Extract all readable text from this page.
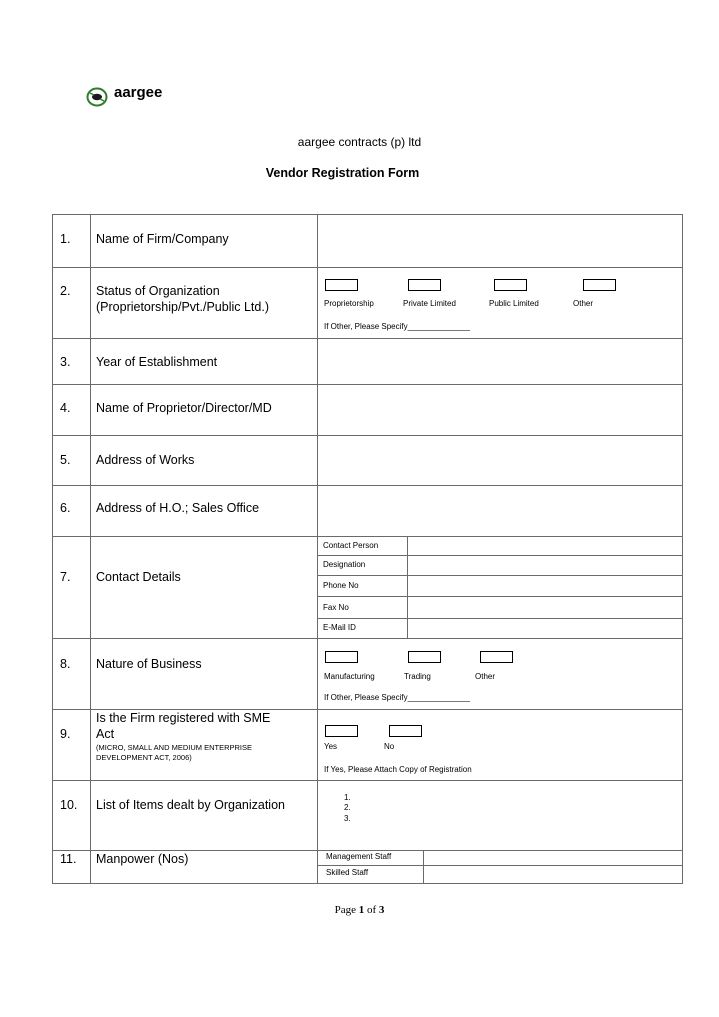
aargee
aargee contracts (p) ltd
Vendor Registration Form
1. Name of Firm/Company
2. Status of Organization
(Proprietorship/Pvt./Public Ltd.)	Proprietorship	Private Limited	Public Limited	Other
If Other, Please Specify______________
3. Year of Establishment
4. Name of Proprietor/Director/MD
5. Address of Works
6. Address of H.O.; Sales Office
7. Contact Details
Contact Person
Designation
Phone No
Fax No
E-Mail ID
8. Nature of Business
Manufacturing	Trading	Other
If Other, Please Specify______________
9.
Is the Firm registered with SME
Act
(MICRO, SMALL AND MEDIUM ENTERPRISE
DEVELOPMENT ACT, 2006)
Yes	No
If Yes, Please Attach Copy of Registration
10. List of Items dealt by Organization
1.
2.
3.
11. Manpower (Nos)	Management Staff
Skilled Staff
Page 1 of 3
